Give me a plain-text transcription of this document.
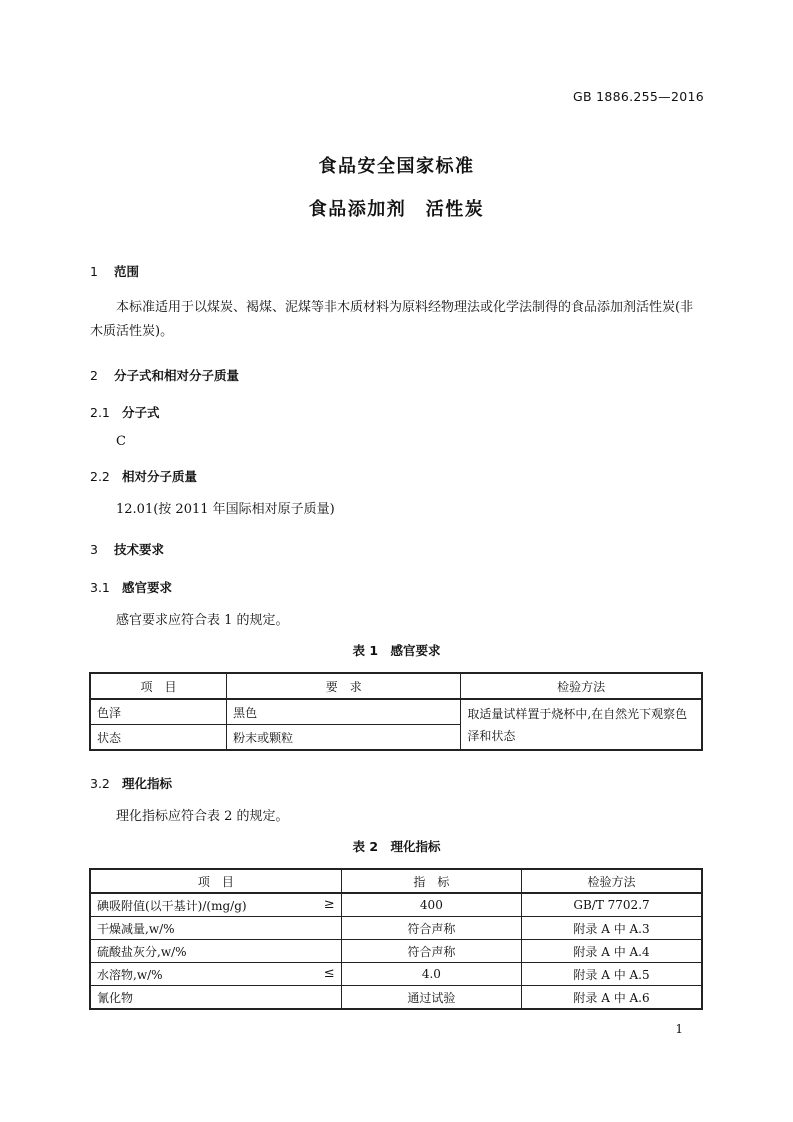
GB 1886.255—2016
食品安全国家标准
食品添加剂　活性炭
1 范围
本标准适用于以煤炭、褐煤、泥煤等非木质材料为原料经物理法或化学法制得的食品添加剂活性炭(非木质活性炭)。
2 分子式和相对分子质量
2.1 分子式
C
2.2 相对分子质量
12.01(按 2011 年国际相对原子质量)
3 技术要求
3.1 感官要求
感官要求应符合表 1 的规定。
表 1　感官要求
项　目	要　求	检验方法
色泽	黑色	取适量试样置于烧杯中,在自然光下观察色泽和状态
状态	粉末或颗粒	
3.2 理化指标
理化指标应符合表 2 的规定。
表 2　理化指标
项　目	指　标	检验方法
碘吸附值(以干基计)/(mg/g) ≥	400	GB/T 7702.7
干燥减量,w/%	符合声称	附录 A 中 A.3
硫酸盐灰分,w/%	符合声称	附录 A 中 A.4
水溶物,w/% ≤	4.0	附录 A 中 A.5
氰化物	通过试验	附录 A 中 A.6
1
